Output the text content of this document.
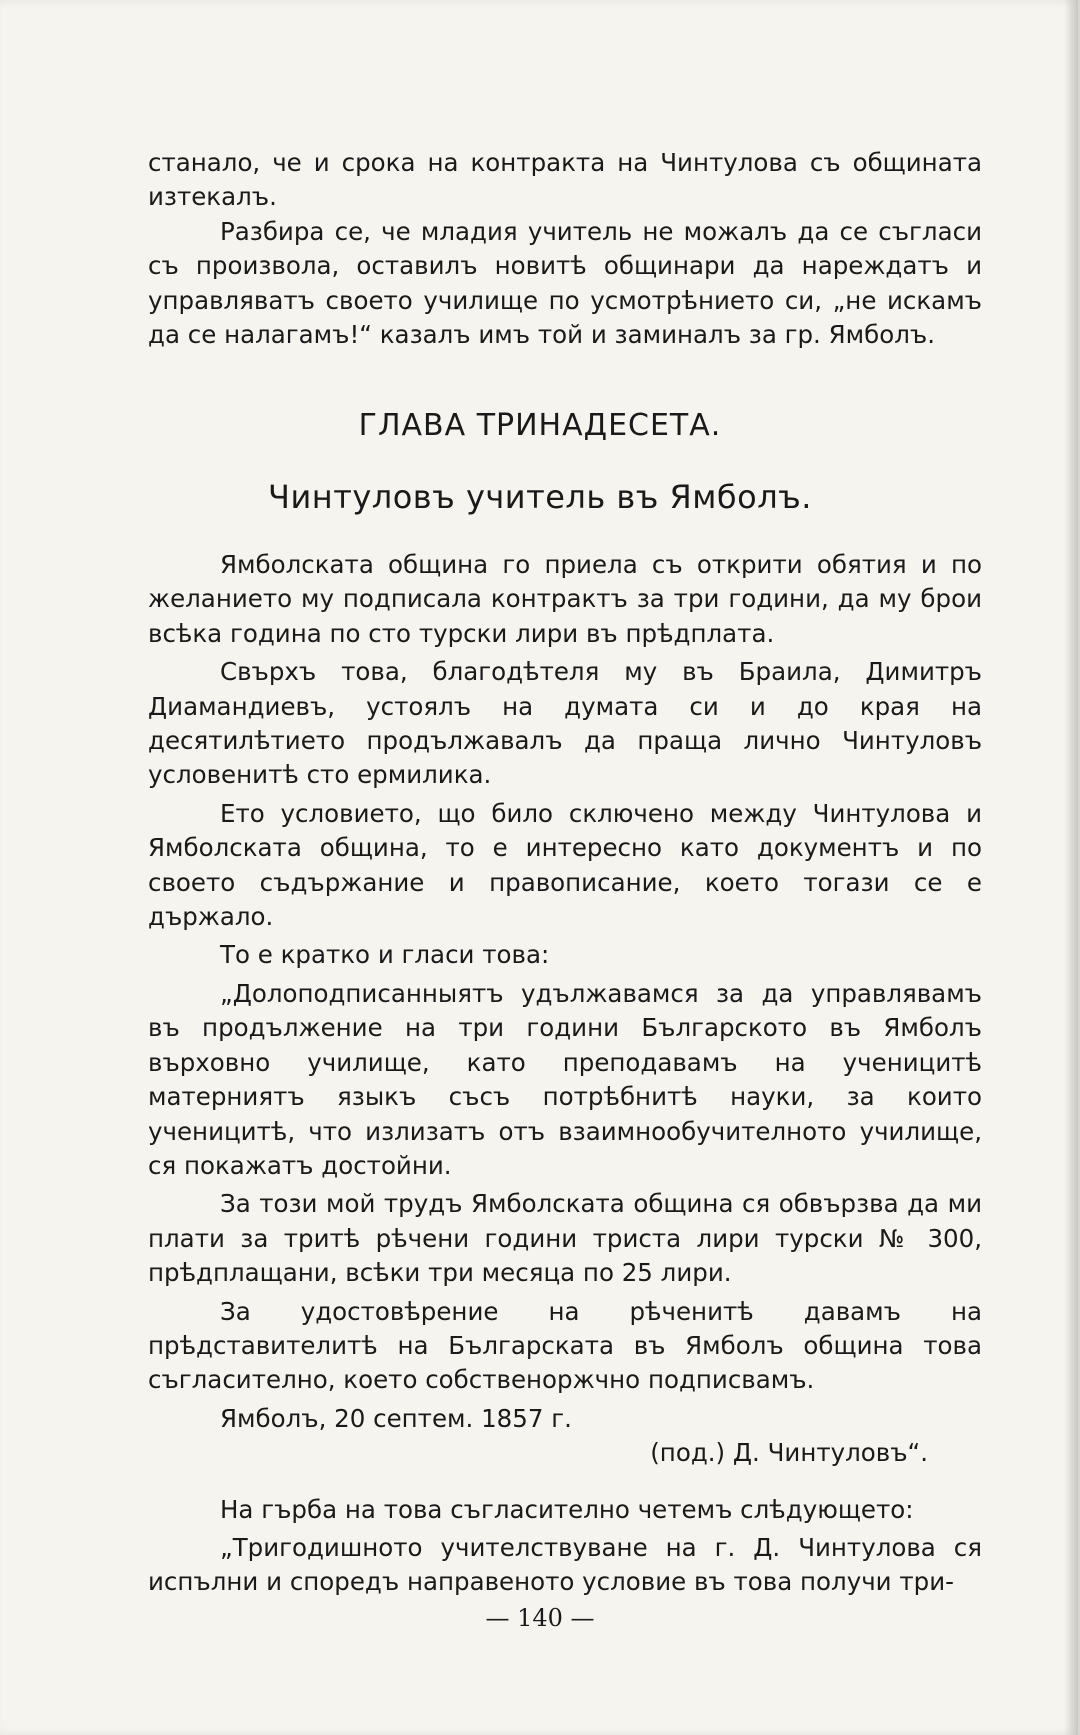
станало, че и срока на контракта на Чинтулова съ общината изтекалъ.

Разбира се, че младия учитель не можалъ да се съгласи съ произвола, оставилъ новитѣ общинари да нареждатъ и управляватъ своето училище по усмотрѣнието си, „не искамъ да се налагамъ!“ казалъ имъ той и заминалъ за гр. Ямболъ.

ГЛАВА ТРИНАДЕСЕТА.
Чинтуловъ учитель въ Ямболъ.

Ямболската община го приела съ открити обятия и по желанието му подписала контрактъ за три години, да му брои всѣка година по сто турски лири въ прѣдплата.

Свърхъ това, благодѣтеля му въ Браила, Димитръ Диамандиевъ, устоялъ на думата си и до края на десятилѣтието продължавалъ да праща лично Чинтуловъ условенитѣ сто ермилика.

Ето условието, що било сключено между Чинтулова и Ямболската община, то е интересно като документъ и по своето съдържание и правописание, което тогази се е държало.

То е кратко и гласи това:

„Долоподписанныятъ удължавамся за да управлявамъ въ продължение на три години Българското въ Ямболъ върховно училище, като преподавамъ на ученицитѣ матерниятъ языкъ съсъ потрѣбнитѣ науки, за които ученицитѣ, что излизатъ отъ взаимнообучителното училище, ся покажатъ достойни.

За този мой трудъ Ямболската община ся обвързва да ми плати за тритѣ рѣчени години триста лири турски № 300, прѣдплащани, всѣки три месяца по 25 лири.

За удостовѣрение на рѣченитѣ давамъ на прѣдставителитѣ на Българската въ Ямболъ община това съгласително, което собственоржчно подписвамъ.

Ямболъ, 20 септем. 1857 г.

(под.) Д. Чинтуловъ“.

На гърба на това съгласително четемъ слѣдующето:

„Тригодишното учителствуване на г. Д. Чинтулова ся испълни и споредъ направеното условие въ това получи три-

— 140 —
